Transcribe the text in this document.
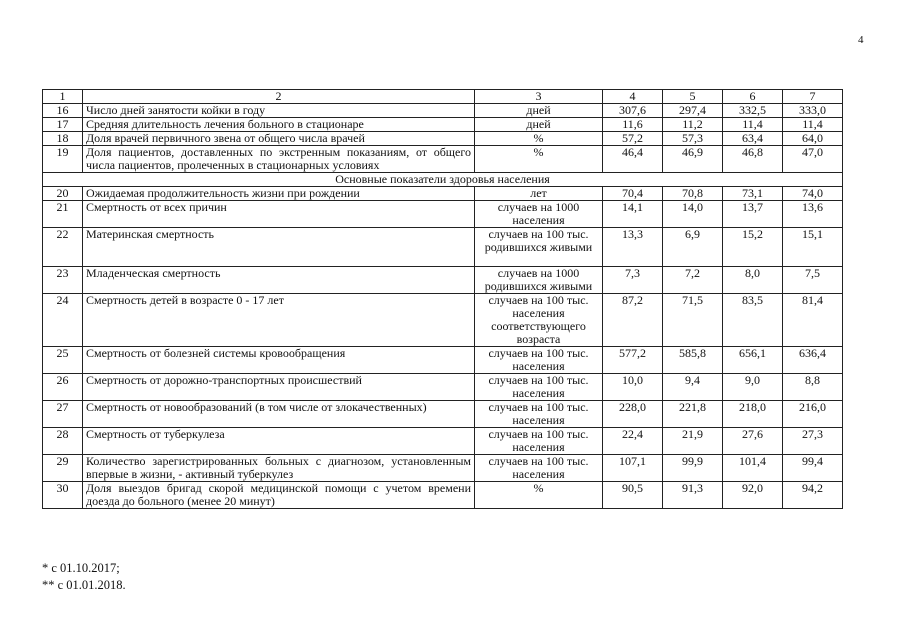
4
1	2	3	4	5	6	7
16	Число дней занятости койки в году	дней	307,6	297,4	332,5	333,0
17	Средняя длительность лечения больного в стационаре	дней	11,6	11,2	11,4	11,4
18	Доля врачей первичного звена от общего числа врачей	%	57,2	57,3	63,4	64,0
19	Доля пациентов, доставленных по экстренным показаниям, от общего числа пациентов, пролеченных в стационарных условиях	%	46,4	46,9	46,8	47,0
Основные показатели здоровья населения						
20	Ожидаемая продолжительность жизни при рождении	лет	70,4	70,8	73,1	74,0
21	Смертность от всех причин	случаев на 1000 населения	14,1	14,0	13,7	13,6
22	Материнская смертность	случаев на 100 тыс. родившихся живыми	13,3	6,9	15,2	15,1
23	Младенческая смертность	случаев на 1000 родившихся живыми	7,3	7,2	8,0	7,5
24	Смертность детей в возрасте 0 - 17 лет	случаев на 100 тыс. населения соответствующего возраста	87,2	71,5	83,5	81,4
25	Смертность от болезней системы кровообращения	случаев на 100 тыс. населения	577,2	585,8	656,1	636,4
26	Смертность от дорожно-транспортных происшествий	случаев на 100 тыс. населения	10,0	9,4	9,0	8,8
27	Смертность от новообразований (в том числе от злокачественных)	случаев на 100 тыс. населения	228,0	221,8	218,0	216,0
28	Смертность от туберкулеза	случаев на 100 тыс. населения	22,4	21,9	27,6	27,3
29	Количество зарегистрированных больных с диагнозом, установленным впервые в жизни, - активный туберкулез	случаев на 100 тыс. населения	107,1	99,9	101,4	99,4
30	Доля выездов бригад скорой медицинской помощи с учетом времени доезда до больного (менее 20 минут)	%	90,5	91,3	92,0	94,2
* с 01.10.2017;
** с 01.01.2018.
